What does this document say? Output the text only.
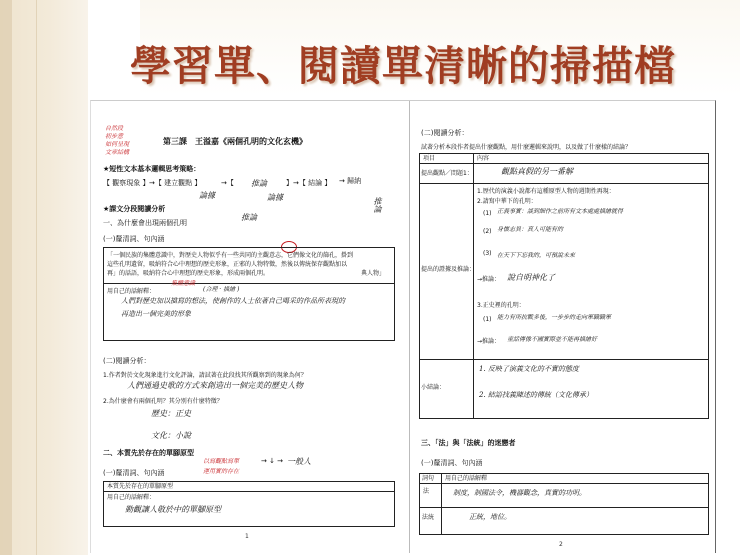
學習單、閱讀單清晰的掃描檔
第三課　王溢嘉《兩個孔明的文化玄機》
自然段
初步意
如何呈現
文章結構
★短性文本基本邏輯思考策略：
【 觀察現象 】 →【 建立觀點 】	→【	】→【 結論 】 → 歸納
論據
推論
論據
推論
推論
★課文分段閱讀分析
一、為什麼會出現兩個孔明
(一)釐清詞、句內涵
「一個民族的集體意識中，對歷史人物似乎有一些共同的主觀意志，它們像文化的篩孔，掛到
這些孔明遺留，吸納符合心中理想的歷史形象，正邪的人物特徵，然後以傳統保存觀點加以
再」的話語，吸納符合心中理想的歷史形象，形成兩個孔明。	典人物」
用自己的話解釋：
集體意識
(合理 · 描繪 )
人們對歷史加以描寫的想法，使創作的人士依著自己喝采的作品所表現的
再造出一個完美的形象
(二)閱讀分析：
1.作者對於文化現象進行文化評論，請試著在此段找其所觀察到的現象為何？
人們通過史歌的方式來創造出一個完美的歷史人物
2.為什麼會有兩個孔明？其分別有什麼特徵？
歷史：正史
文化：小說
二、本質先於存在的單腳原型
以寫觀點寫單
運用實的存在
→ ↓ → 一般人
(一)釐清詞、句內涵
本質先於存在的單腳原型
用自己的話解釋：
勤觀讓人敬於中的單腳原型
1
(二)閱讀分析：
試著分析本段作者提出什麼觀點，用什麼邏輯來說明，以及做了什麼樣的結論？
項目	內容
提出觀點／問題1：	觀點真假的另一番解
提出的證據及推論：
1.歷代的演義小說都有這種原型人物的週期性再現：
2.請寫中華下的孔明：
(1) 正義事實：談到細作之前所有文本處處描繪就得
(2) 身懷志異：真人可能有的
(3) 在天下下忘我的，可預說未來
→推論： 說自明神化了
3.正史裡的孔明：
(1) 能力有所抗戰多後，一步步的走向軍職職軍
→推論： 童話傳像不國實際並不能再描繪好
小結論：
1. 反映了演義文化的不實的態度
2. 結語找義陳述的傳統（文化傳承）
三、「法」與「法統」的迷戀者
(一)釐清詞、句內涵
詞句 用自己的話解釋
法	制度，制國法令，機器觀念，真實的功明。
法統	正統，地位。
2
